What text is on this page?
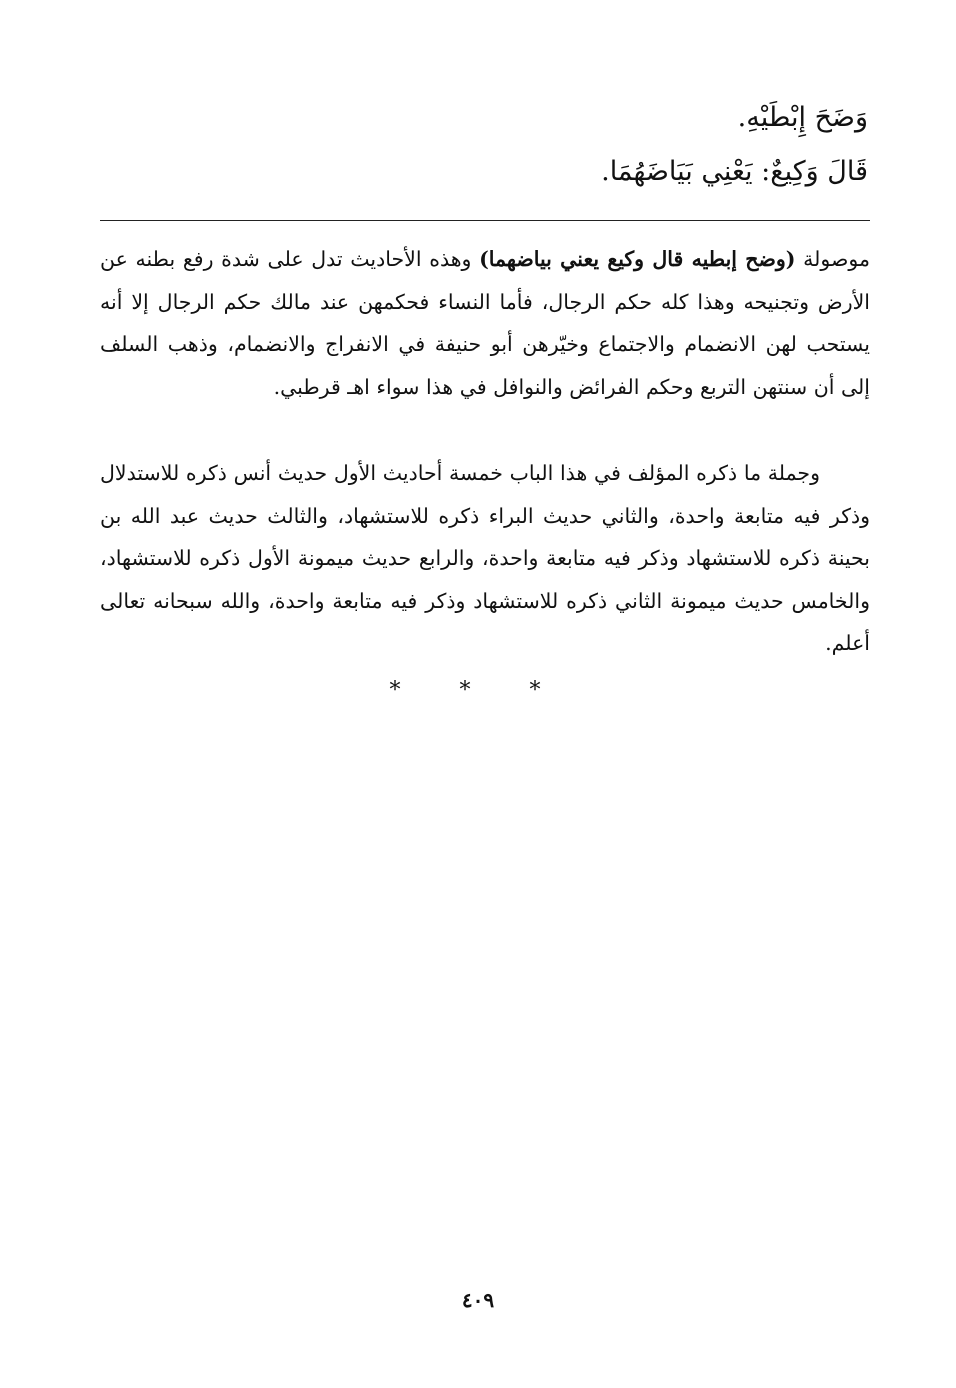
وَضَحَ إِبْطَيْهِ.
قَالَ وَكِيعٌ: يَعْنِي بَيَاضَهُمَا.

موصولة (وضح إبطيه قال وكيع يعني بياضهما) وهذه الأحاديث تدل على شدة رفع بطنه عن الأرض وتجنيحه وهذا كله حكم الرجال، فأما النساء فحكمهن عند مالك حكم الرجال إلا أنه يستحب لهن الانضمام والاجتماع وخيّرهن أبو حنيفة في الانفراج والانضمام، وذهب السلف إلى أن سنتهن التربع وحكم الفرائض والنوافل في هذا سواء اهـ قرطبي.

وجملة ما ذكره المؤلف في هذا الباب خمسة أحاديث الأول حديث أنس ذكره للاستدلال وذكر فيه متابعة واحدة، والثاني حديث البراء ذكره للاستشهاد، والثالث حديث عبد الله بن بحينة ذكره للاستشهاد وذكر فيه متابعة واحدة، والرابع حديث ميمونة الأول ذكره للاستشهاد، والخامس حديث ميمونة الثاني ذكره للاستشهاد وذكر فيه متابعة واحدة، والله سبحانه تعالى أعلم.

* * *
٤٠٩
